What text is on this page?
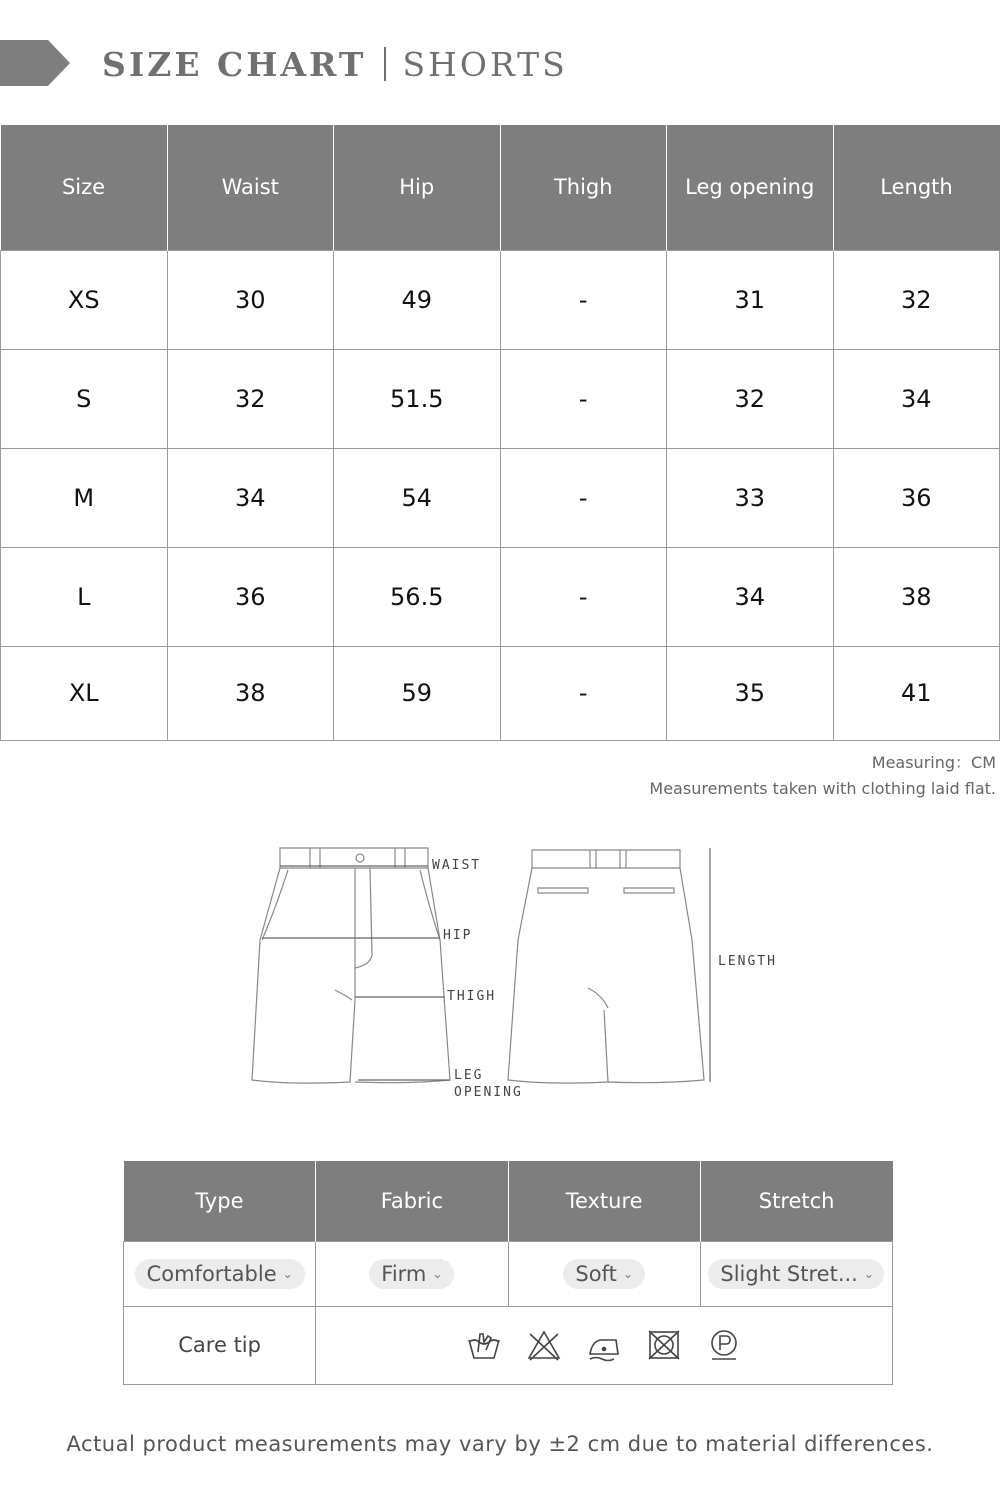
SIZE CHART SHORTS
Size	Waist	Hip	Thigh	Leg opening	Length
XS	30	49	-	31	32
S	32	51.5	-	32	34
M	34	54	-	33	36
L	36	56.5	-	34	38
XL	38	59	-	35	41
Measuring：CM
Measurements taken with clothing laid flat.
WAIST
HIP
THIGH
LEG
OPENING
LENGTH
Type	Fabric	Texture	Stretch

Comfortable ⌄	Firm ⌄	Soft ⌄	Slight Stret... ⌄

Care tip	
Actual product measurements may vary by ±2 cm due to material differences.
